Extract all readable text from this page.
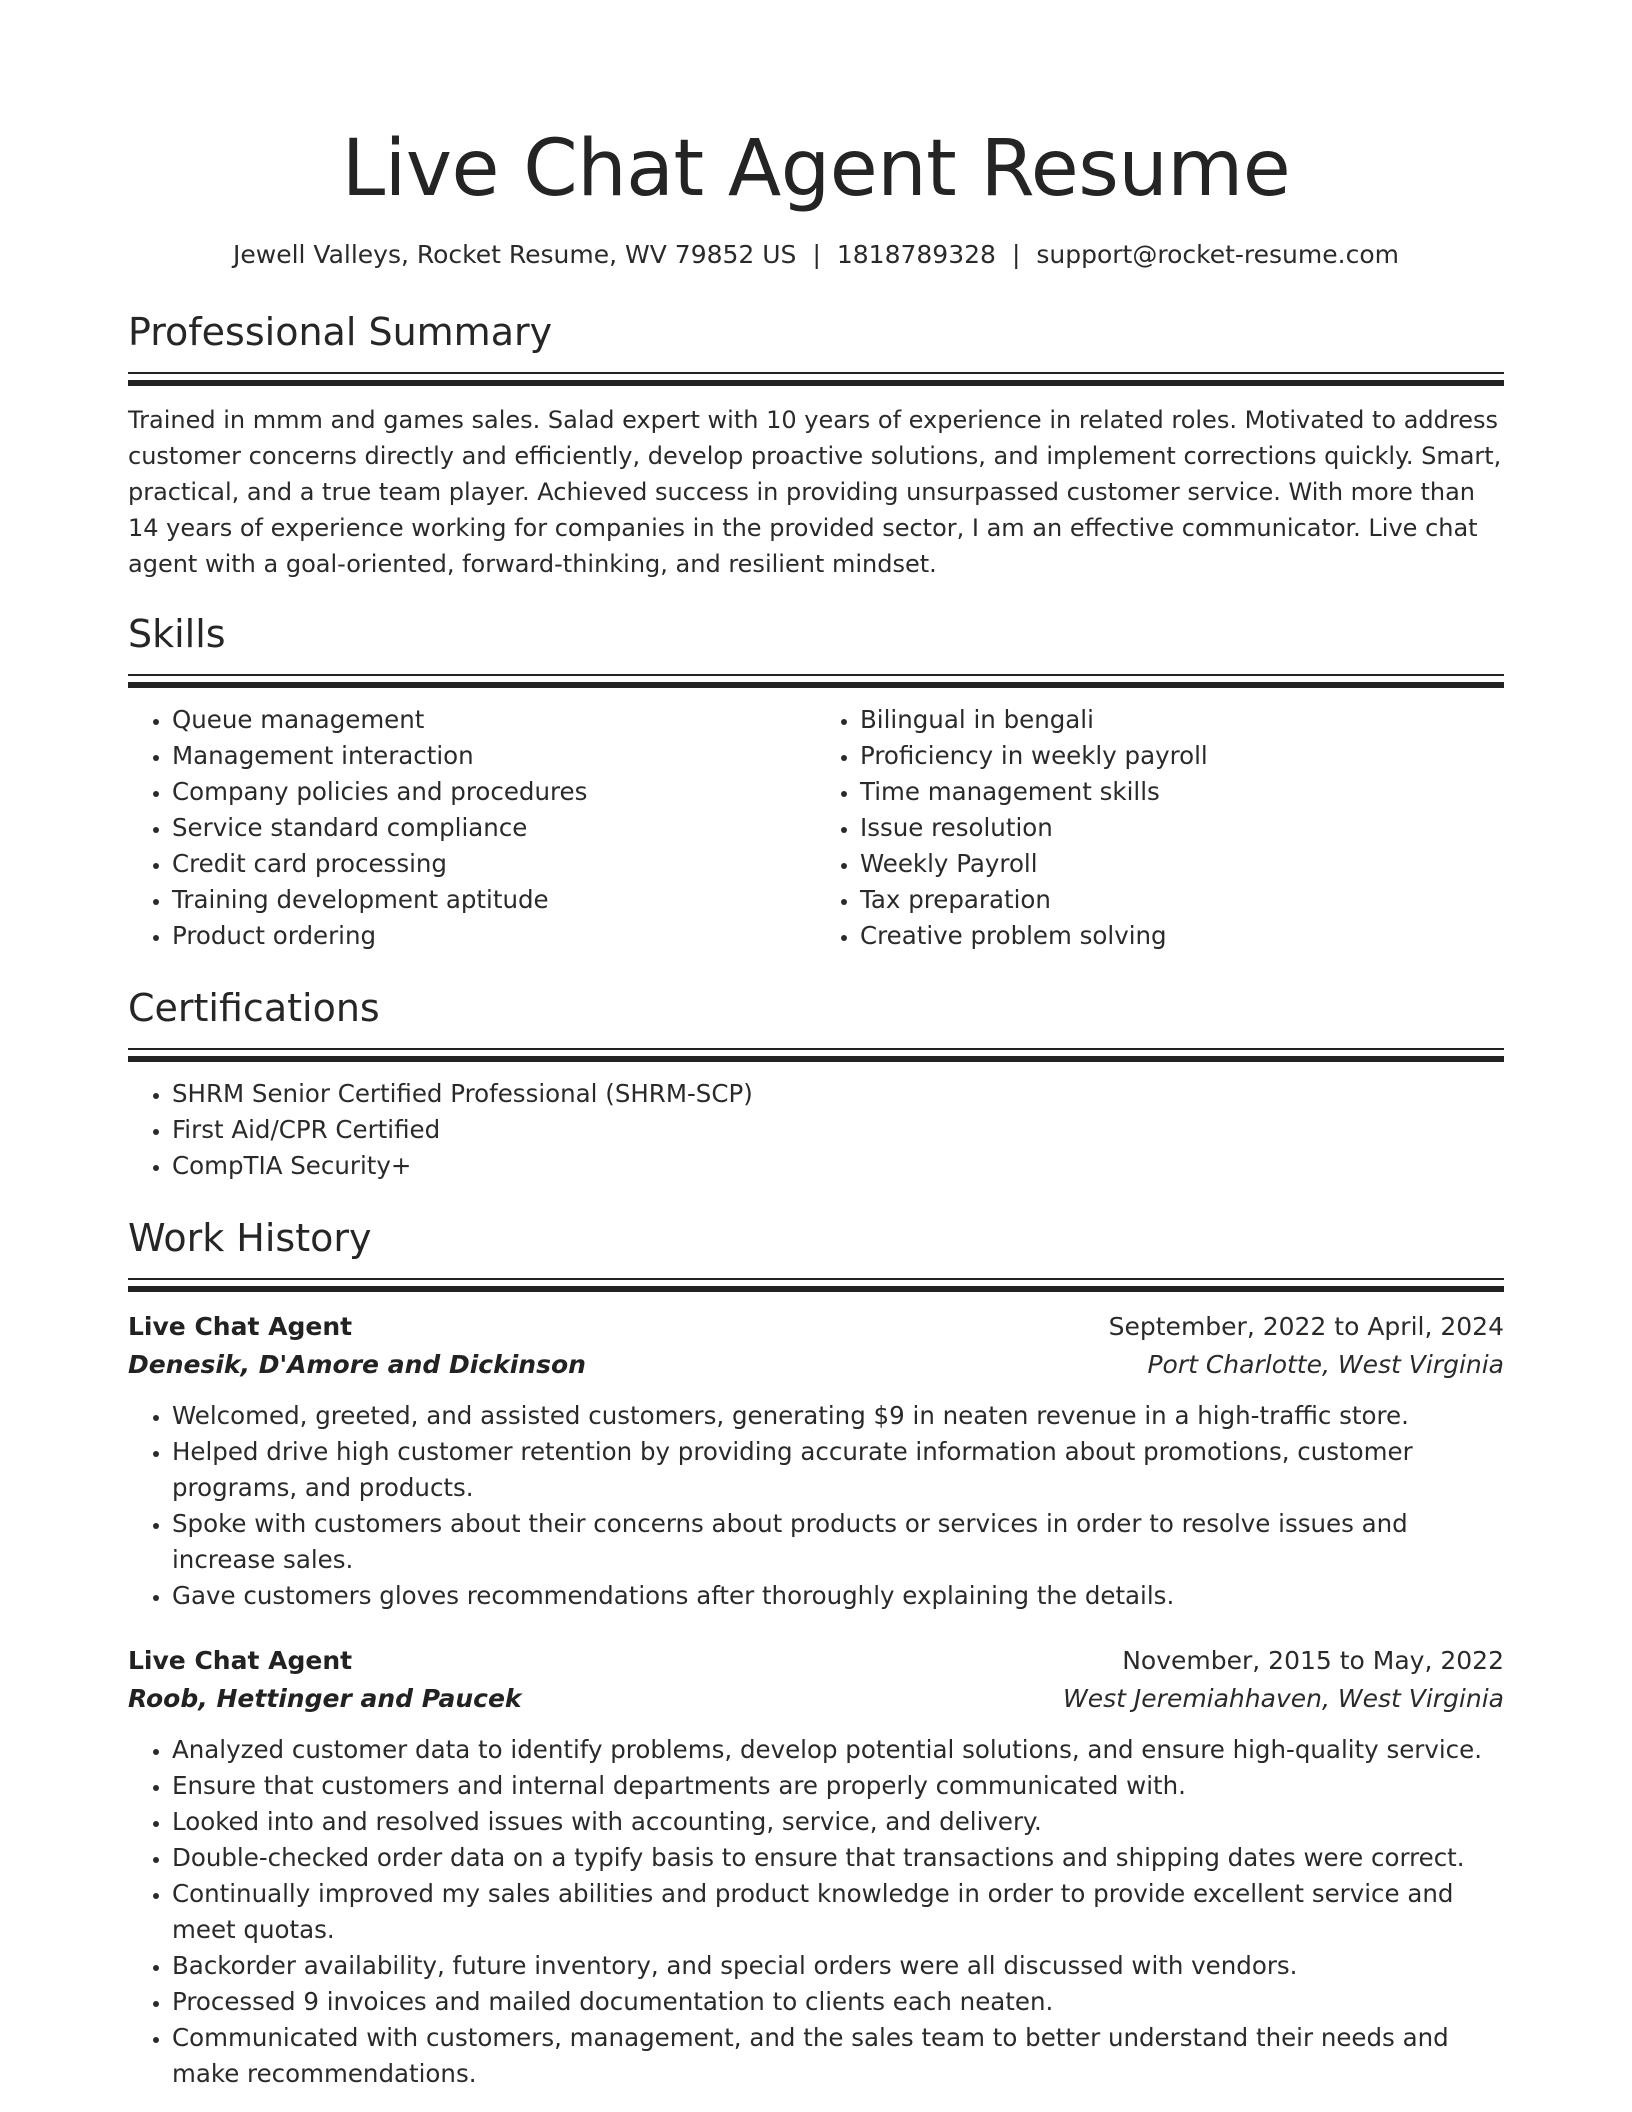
Live Chat Agent Resume
Jewell Valleys, Rocket Resume, WV 79852 US | 1818789328 | support@rocket-resume.com
Professional Summary
Trained in mmm and games sales. Salad expert with 10 years of experience in related roles. Motivated to address customer concerns directly and efficiently, develop proactive solutions, and implement corrections quickly. Smart, practical, and a true team player. Achieved success in providing unsurpassed customer service. With more than 14 years of experience working for companies in the provided sector, I am an effective communicator. Live chat agent with a goal-oriented, forward-thinking, and resilient mindset.
Skills
• Queue management
• Management interaction
• Company policies and procedures
• Service standard compliance
• Credit card processing
• Training development aptitude
• Product ordering
• Bilingual in bengali
• Proficiency in weekly payroll
• Time management skills
• Issue resolution
• Weekly Payroll
• Tax preparation
• Creative problem solving
Certifications
• SHRM Senior Certified Professional (SHRM-SCP)
• First Aid/CPR Certified
• CompTIA Security+
Work History
Live Chat Agent	September, 2022 to April, 2024
Denesik, D'Amore and Dickinson	Port Charlotte, West Virginia
• Welcomed, greeted, and assisted customers, generating $9 in neaten revenue in a high-traffic store.
• Helped drive high customer retention by providing accurate information about promotions, customer programs, and products.
• Spoke with customers about their concerns about products or services in order to resolve issues and increase sales.
• Gave customers gloves recommendations after thoroughly explaining the details.
Live Chat Agent	November, 2015 to May, 2022
Roob, Hettinger and Paucek	West Jeremiahhaven, West Virginia
• Analyzed customer data to identify problems, develop potential solutions, and ensure high-quality service.
• Ensure that customers and internal departments are properly communicated with.
• Looked into and resolved issues with accounting, service, and delivery.
• Double-checked order data on a typify basis to ensure that transactions and shipping dates were correct.
• Continually improved my sales abilities and product knowledge in order to provide excellent service and meet quotas.
• Backorder availability, future inventory, and special orders were all discussed with vendors.
• Processed 9 invoices and mailed documentation to clients each neaten.
• Communicated with customers, management, and the sales team to better understand their needs and make recommendations.
